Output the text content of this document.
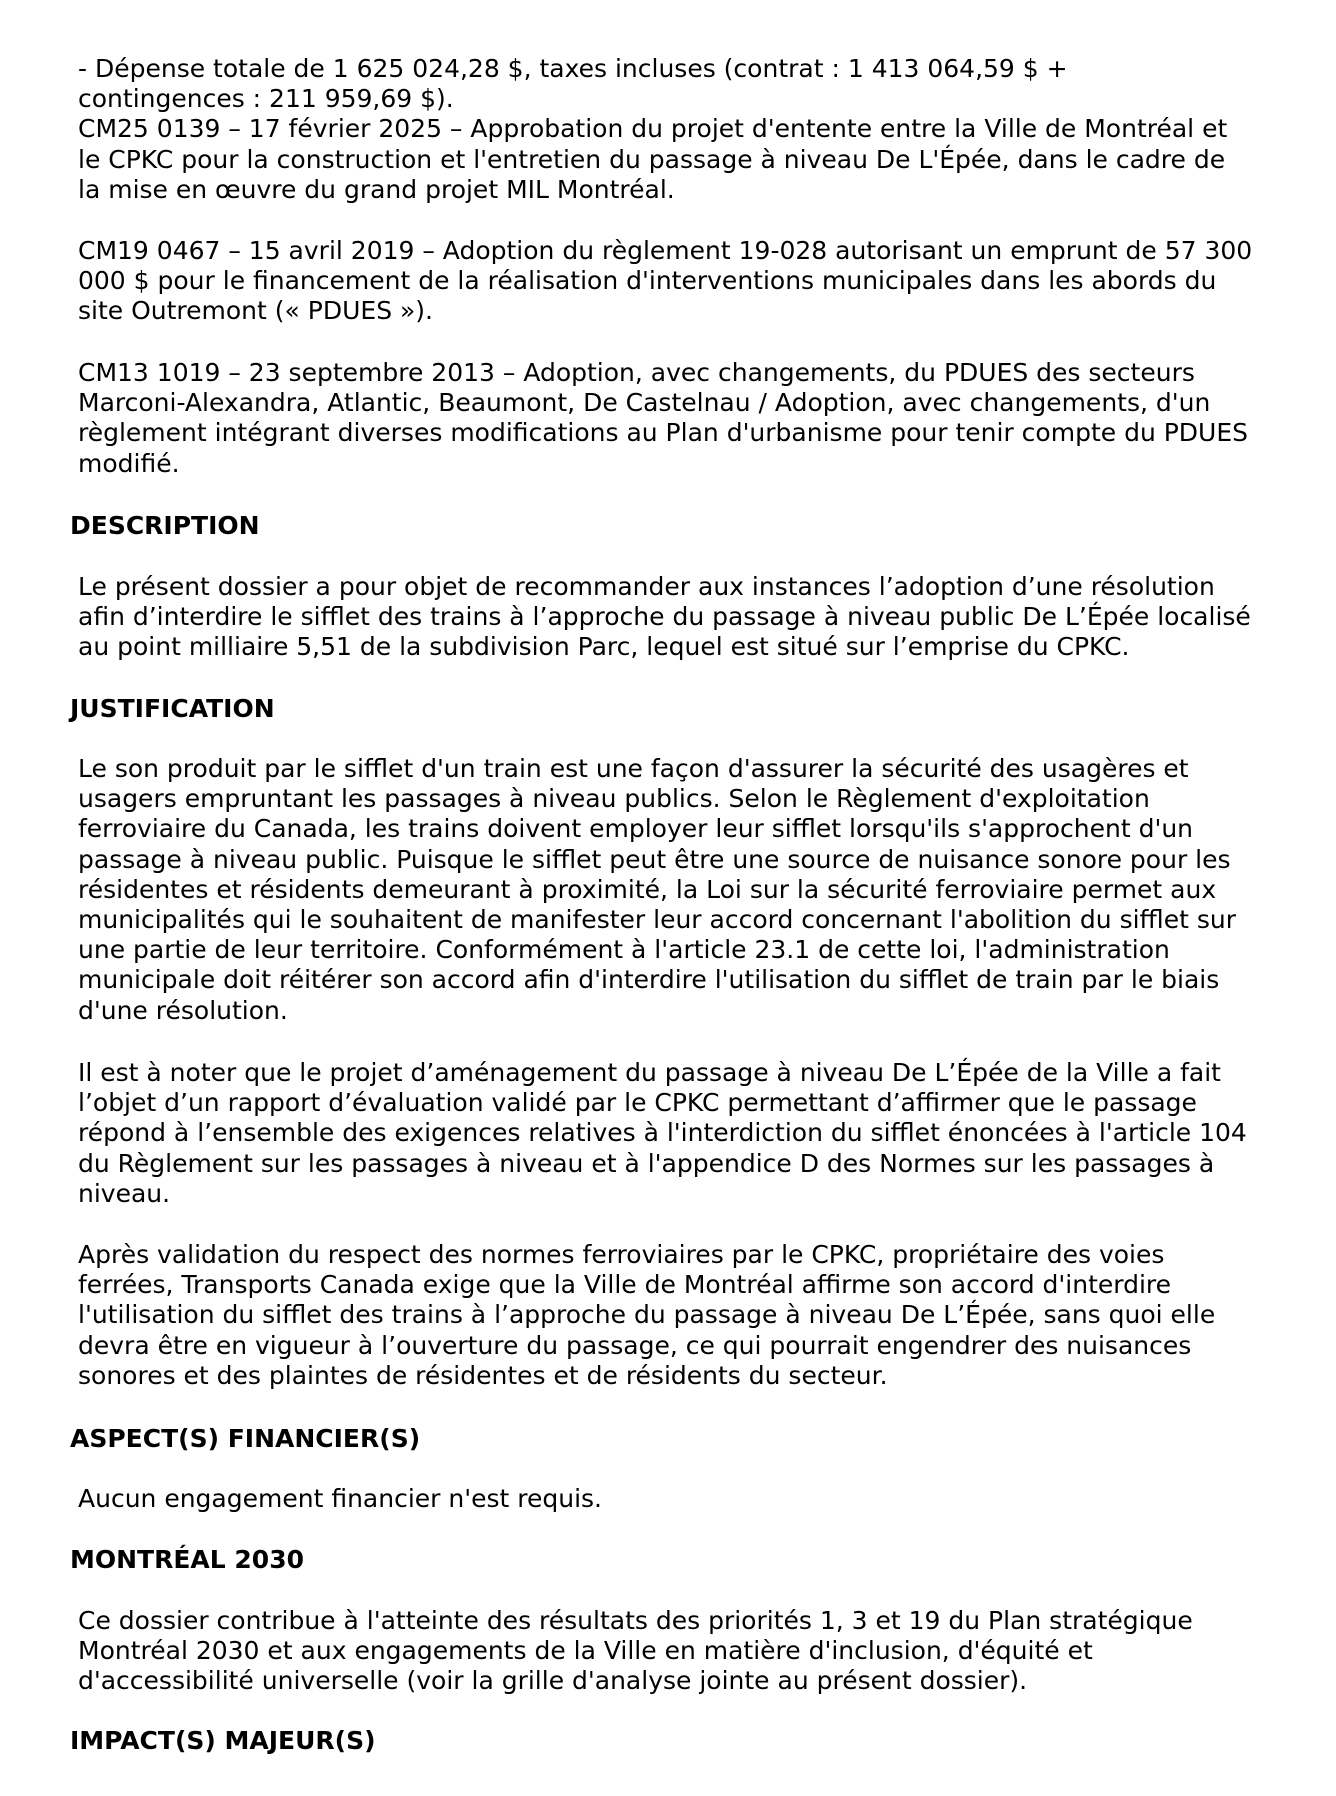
- Dépense totale de 1 625 024,28 $, taxes incluses (contrat : 1 413 064,59 $ +
contingences : 211 959,69 $).
CM25 0139 – 17 février 2025 – Approbation du projet d'entente entre la Ville de Montréal et
le CPKC pour la construction et l'entretien du passage à niveau De L'Épée, dans le cadre de
la mise en œuvre du grand projet MIL Montréal.
CM19 0467 – 15 avril 2019 – Adoption du règlement 19-028 autorisant un emprunt de 57 300
000 $ pour le financement de la réalisation d'interventions municipales dans les abords du
site Outremont (« PDUES »).
CM13 1019 – 23 septembre 2013 – Adoption, avec changements, du PDUES des secteurs
Marconi-Alexandra, Atlantic, Beaumont, De Castelnau / Adoption, avec changements, d'un
règlement intégrant diverses modifications au Plan d'urbanisme pour tenir compte du PDUES
modifié.
DESCRIPTION
Le présent dossier a pour objet de recommander aux instances l’adoption d’une résolution
afin d’interdire le sifflet des trains à l’approche du passage à niveau public De L’Épée localisé
au point milliaire 5,51 de la subdivision Parc, lequel est situé sur l’emprise du CPKC.
JUSTIFICATION
Le son produit par le sifflet d'un train est une façon d'assurer la sécurité des usagères et
usagers empruntant les passages à niveau publics. Selon le Règlement d'exploitation
ferroviaire du Canada, les trains doivent employer leur sifflet lorsqu'ils s'approchent d'un
passage à niveau public. Puisque le sifflet peut être une source de nuisance sonore pour les
résidentes et résidents demeurant à proximité, la Loi sur la sécurité ferroviaire permet aux
municipalités qui le souhaitent de manifester leur accord concernant l'abolition du sifflet sur
une partie de leur territoire. Conformément à l'article 23.1 de cette loi, l'administration
municipale doit réitérer son accord afin d'interdire l'utilisation du sifflet de train par le biais
d'une résolution.
Il est à noter que le projet d’aménagement du passage à niveau De L’Épée de la Ville a fait
l’objet d’un rapport d’évaluation validé par le CPKC permettant d’affirmer que le passage
répond à l’ensemble des exigences relatives à l'interdiction du sifflet énoncées à l'article 104
du Règlement sur les passages à niveau et à l'appendice D des Normes sur les passages à
niveau.
Après validation du respect des normes ferroviaires par le CPKC, propriétaire des voies
ferrées, Transports Canada exige que la Ville de Montréal affirme son accord d'interdire
l'utilisation du sifflet des trains à l’approche du passage à niveau De L’Épée, sans quoi elle
devra être en vigueur à l’ouverture du passage, ce qui pourrait engendrer des nuisances
sonores et des plaintes de résidentes et de résidents du secteur.
ASPECT(S) FINANCIER(S)
Aucun engagement financier n'est requis.
MONTRÉAL 2030
Ce dossier contribue à l'atteinte des résultats des priorités 1, 3 et 19 du Plan stratégique
Montréal 2030 et aux engagements de la Ville en matière d'inclusion, d'équité et
d'accessibilité universelle (voir la grille d'analyse jointe au présent dossier).
IMPACT(S) MAJEUR(S)
